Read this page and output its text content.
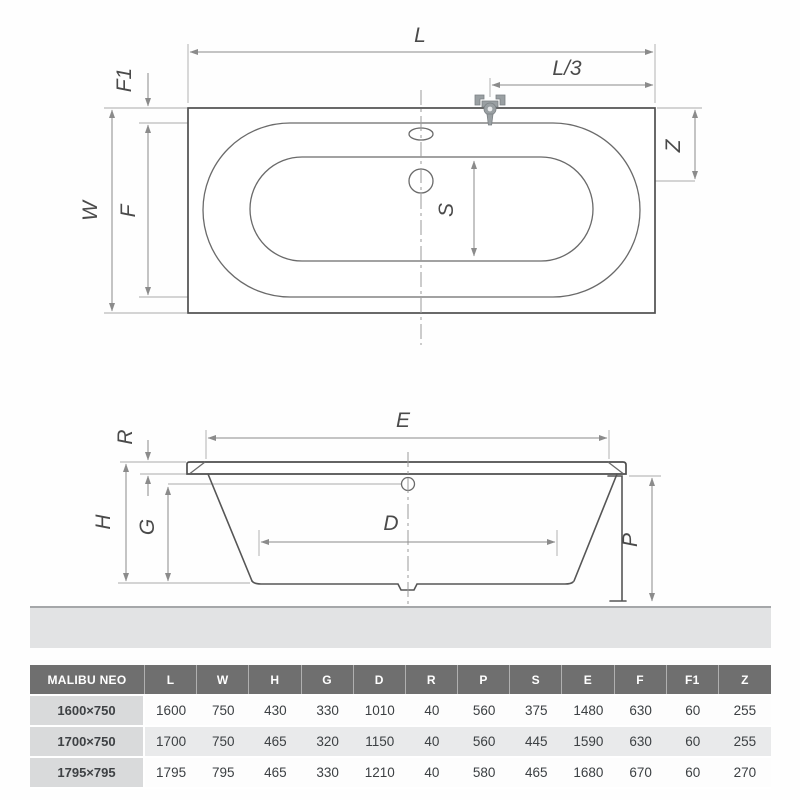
L
L/3
F1
W F
Z
S
E
R
H G	D
P
MALIBU NEO	L	W	H	G	D	R	P	S	E	F	F1	Z
1600×750	1600	750	430	330	1010	40	560	375	1480	630	60	255
1700×750	1700	750	465	320	1150	40	560	445	1590	630	60	255
1795×795	1795	795	465	330	1210	40	580	465	1680	670	60	270
